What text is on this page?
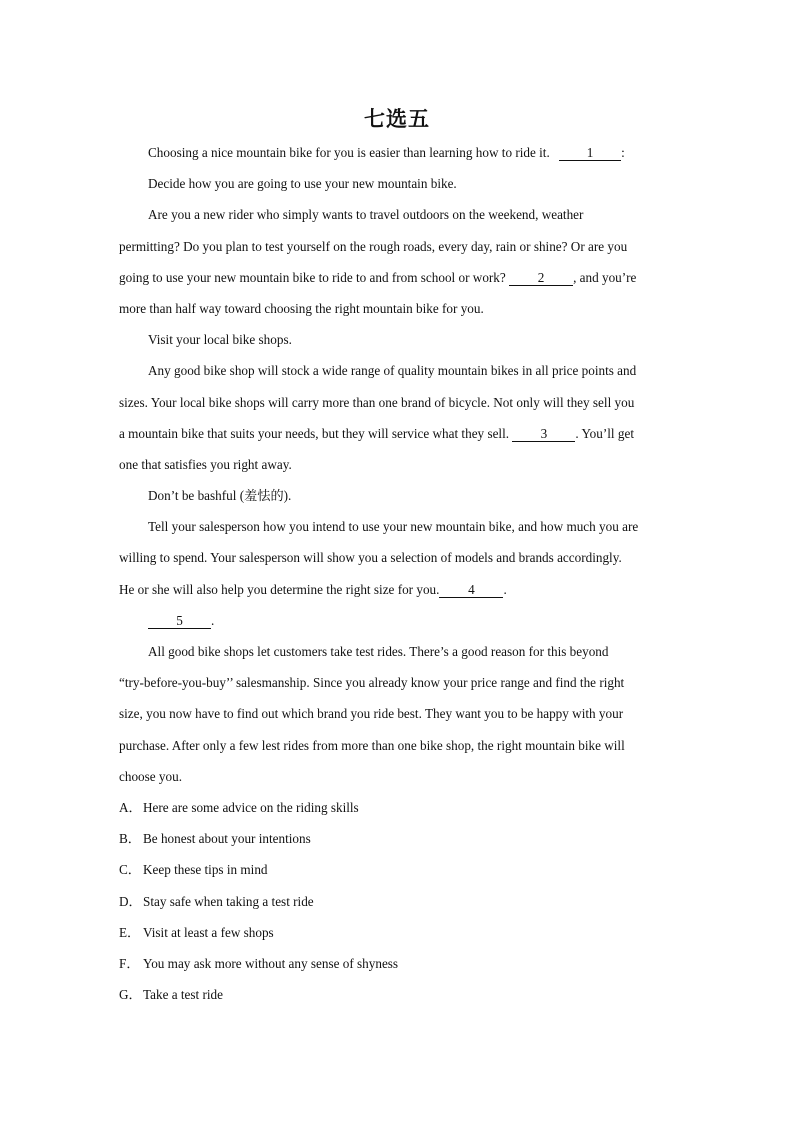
七选五
Choosing a nice mountain bike for you is easier than learning how to ride it.	1 :
Decide how you are going to use your new mountain bike.
Are you a new rider who simply wants to travel outdoors on the weekend, weather
permitting? Do you plan to test yourself on the rough roads, every day, rain or shine? Or are you
going to use your new mountain bike to ride to and from school or work? 2 , and you’re
more than half way toward choosing the right mountain bike for you.
Visit your local bike shops.
Any good bike shop will stock a wide range of quality mountain bikes in all price points and
sizes. Your local bike shops will carry more than one brand of bicycle. Not only will they sell you
a mountain bike that suits your needs, but they will service what they sell. 3 . You’ll get
one that satisfies you right away.
Don’t be bashful (羞怯的).
Tell your salesperson how you intend to use your new mountain bike, and how much you are
willing to spend. Your salesperson will show you a selection of models and brands accordingly.
He or she will also help you determine the right size for you. 4 .
5 .
All good bike shops let customers take test rides. There’s a good reason for this beyond
“try-before-you-buy’’ salesmanship. Since you already know your price range and find the right
size, you now have to find out which brand you ride best. They want you to be happy with your
purchase. After only a few lest rides from more than one bike shop, the right mountain bike will
choose you.
A．Here are some advice on the riding skills
B． Be honest about your intentions
C． Keep these tips in mind
D．Stay safe when taking a test ride
E． Visit at least a few shops
F． You may ask more without any sense of shyness
G．Take a test ride
